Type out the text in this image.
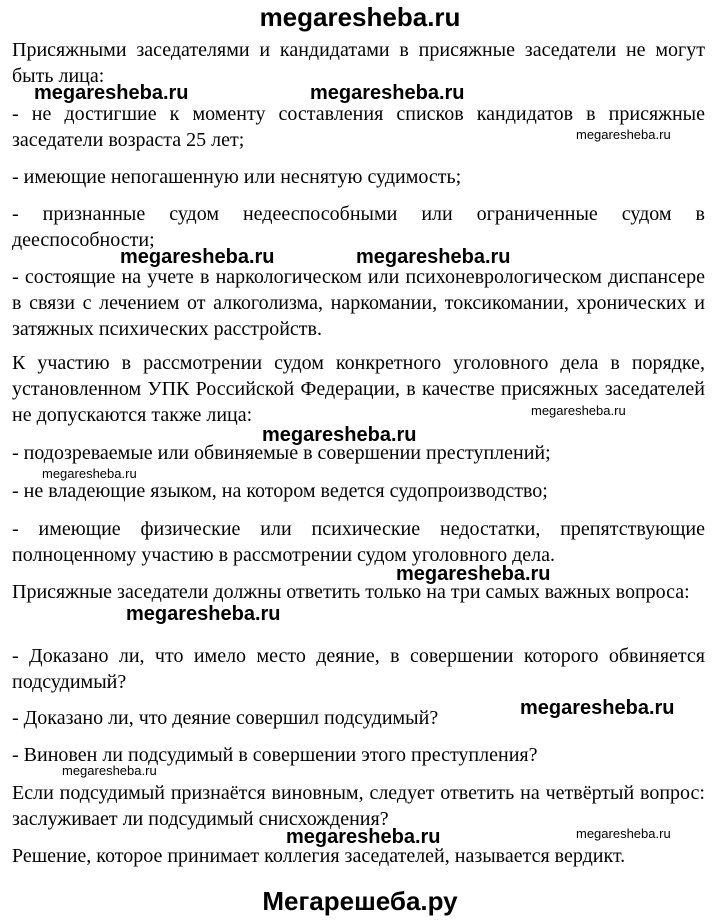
megaresheba.ru

Присяжными заседателями и кандидатами в присяжные заседатели не могут быть лица:

- не достигшие к моменту составления списков кандидатов в присяжные заседатели возраста 25 лет;

- имеющие непогашенную или неснятую судимость;

- признанные судом недееспособными или ограниченные судом в дееспособности;

- состоящие на учете в наркологическом или психоневрологическом диспансере в связи с лечением от алкоголизма, наркомании, токсикомании, хронических и затяжных психических расстройств.

К участию в рассмотрении судом конкретного уголовного дела в порядке, установленном УПК Российской Федерации, в качестве присяжных заседателей не допускаются также лица:

- подозреваемые или обвиняемые в совершении преступлений;

- не владеющие языком, на котором ведется судопроизводство;

- имеющие физические или психические недостатки, препятствующие полноценному участию в рассмотрении судом уголовного дела.

Присяжные заседатели должны ответить только на три самых важных вопроса:

- Доказано ли, что имело место деяние, в совершении которого обвиняется подсудимый?

- Доказано ли, что деяние совершил подсудимый?

- Виновен ли подсудимый в совершении этого преступления?

Если подсудимый признаётся виновным, следует ответить на четвёртый вопрос: заслуживает ли подсудимый снисхождения?

Решение, которое принимает коллегия заседателей, называется вердикт.

megaresheba.ru	megaresheba.ru
megaresheba.ru
megaresheba.ru	megaresheba.ru
megaresheba.ru
megaresheba.ru
megaresheba.ru
megaresheba.ru
megaresheba.ru
megaresheba.ru
megaresheba.ru
megaresheba.ru	megaresheba.ru
Мегарешеба.ру
